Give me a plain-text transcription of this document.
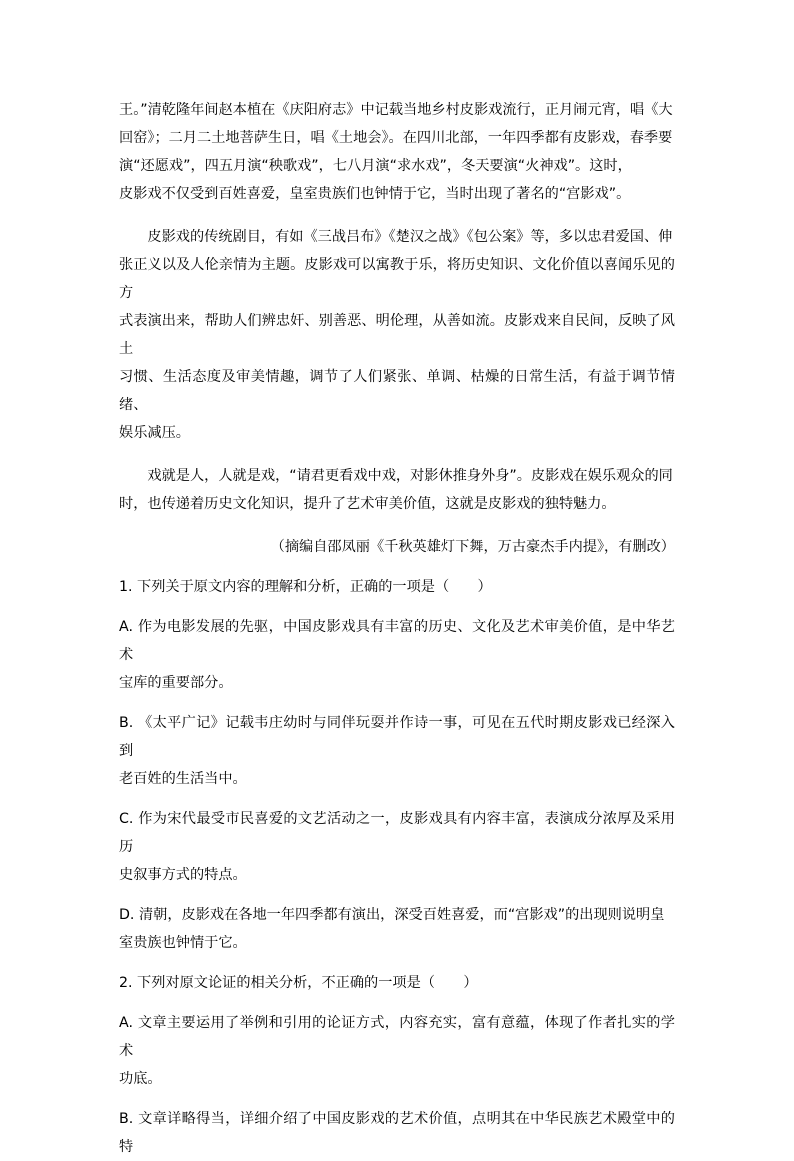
王。”清乾隆年间赵本植在《庆阳府志》中记载当地乡村皮影戏流行，正月闹元宵，唱《大
回窑》；二月二土地菩萨生日，唱《土地会》。在四川北部，一年四季都有皮影戏，春季要
演“还愿戏”，四五月演“秧歌戏”，七八月演“求水戏”，冬天要演“火神戏”。这时，
皮影戏不仅受到百姓喜爱，皇室贵族们也钟情于它，当时出现了著名的“宫影戏”。

皮影戏的传统剧目，有如《三战吕布》《楚汉之战》《包公案》等，多以忠君爱国、伸
张正义以及人伦亲情为主题。皮影戏可以寓教于乐，将历史知识、文化价值以喜闻乐见的方
式表演出来，帮助人们辨忠奸、别善恶、明伦理，从善如流。皮影戏来自民间，反映了风土
习惯、生活态度及审美情趣，调节了人们紧张、单调、枯燥的日常生活，有益于调节情绪、
娱乐减压。

戏就是人，人就是戏，“请君更看戏中戏，对影休推身外身”。皮影戏在娱乐观众的同
时，也传递着历史文化知识，提升了艺术审美价值，这就是皮影戏的独特魅力。

（摘编自邵凤丽《千秋英雄灯下舞，万古豪杰手内提》，有删改）

1. 下列关于原文内容的理解和分析，正确的一项是（　　）

A. 作为电影发展的先驱，中国皮影戏具有丰富的历史、文化及艺术审美价值，是中华艺术
宝库的重要部分。

B. 《太平广记》记载韦庄幼时与同伴玩耍并作诗一事，可见在五代时期皮影戏已经深入到
老百姓的生活当中。

C. 作为宋代最受市民喜爱的文艺活动之一，皮影戏具有内容丰富，表演成分浓厚及采用历
史叙事方式的特点。

D. 清朝，皮影戏在各地一年四季都有演出，深受百姓喜爱，而“宫影戏”的出现则说明皇
室贵族也钟情于它。

2. 下列对原文论证的相关分析，不正确的一项是（　　）

A. 文章主要运用了举例和引用的论证方式，内容充实，富有意蕴，体现了作者扎实的学术
功底。

B. 文章详略得当，详细介绍了中国皮影戏的艺术价值，点明其在中华民族艺术殿堂中的特
